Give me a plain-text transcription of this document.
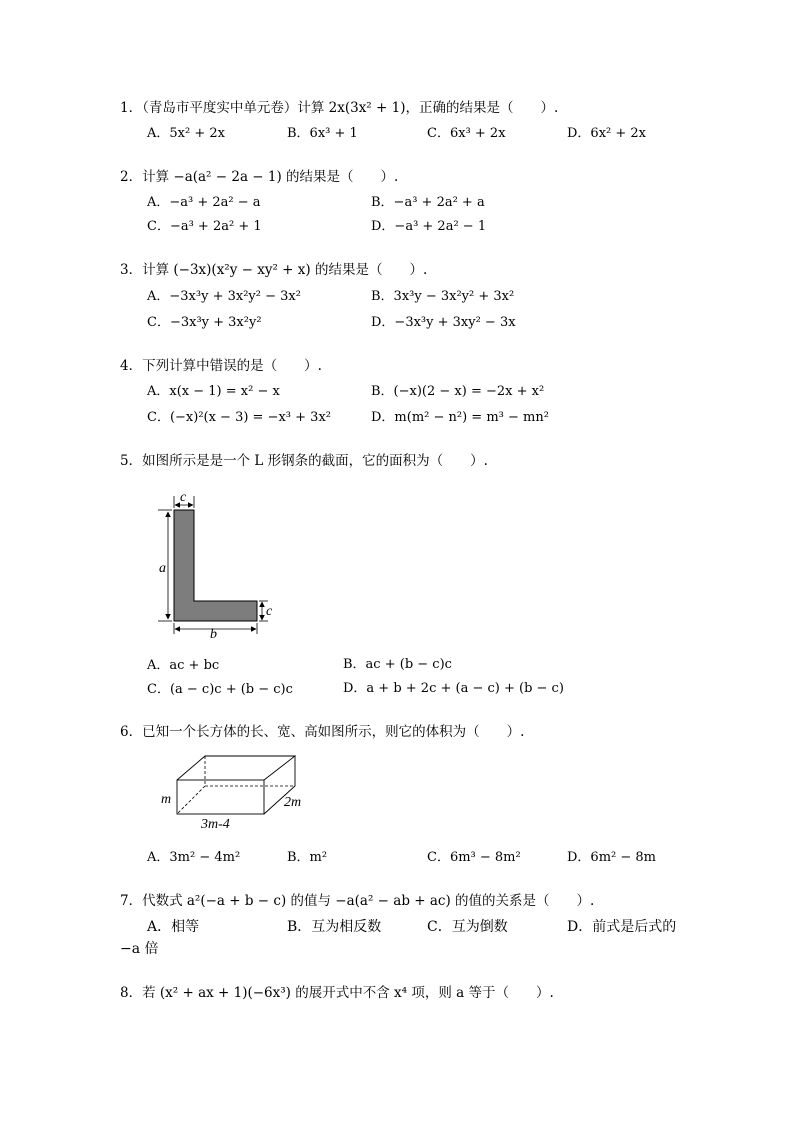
1．（青岛市平度实中单元卷）计算 2x(3x² + 1)，正确的结果是（　　）.
A．5x² + 2x	B．6x³ + 1	C．6x³ + 2x	D．6x² + 2x
2．计算 −a(a² − 2a − 1) 的结果是（　　）.
A．−a³ + 2a² − a	B．−a³ + 2a² + a
C．−a³ + 2a² + 1	D．−a³ + 2a² − 1
3．计算 (−3x)(x²y − xy² + x) 的结果是（　　）.
A．−3x³y + 3x²y² − 3x²	B．3x³y − 3x²y² + 3x²
C．−3x³y + 3x²y²	D．−3x³y + 3xy² − 3x
4．下列计算中错误的是（　　）.
A．x(x − 1) = x² − x	B．(−x)(2 − x) = −2x + x²
C．(−x)²(x − 3) = −x³ + 3x²	D．m(m² − n²) = m³ − mn²
5．如图所示是是一个 L 形钢条的截面，它的面积为（　　）.
c
a
c
b
A．ac + bc	B．ac + (b − c)c
C．(a − c)c + (b − c)c	D．a + b + 2c + (a − c) + (b − c)
6．已知一个长方体的长、宽、高如图所示，则它的体积为（　　）.
m	2m
3m-4
A．3m² − 4m²	B．m²	C．6m³ − 8m²	D．6m² − 8m
7．代数式 a²(−a + b − c) 的值与 −a(a² − ab + ac) 的值的关系是（　　）.
A．相等	B．互为相反数	C．互为倒数	D．前式是后式的
−a 倍
8．若 (x² + ax + 1)(−6x³) 的展开式中不含 x⁴ 项，则 a 等于（　　）.
